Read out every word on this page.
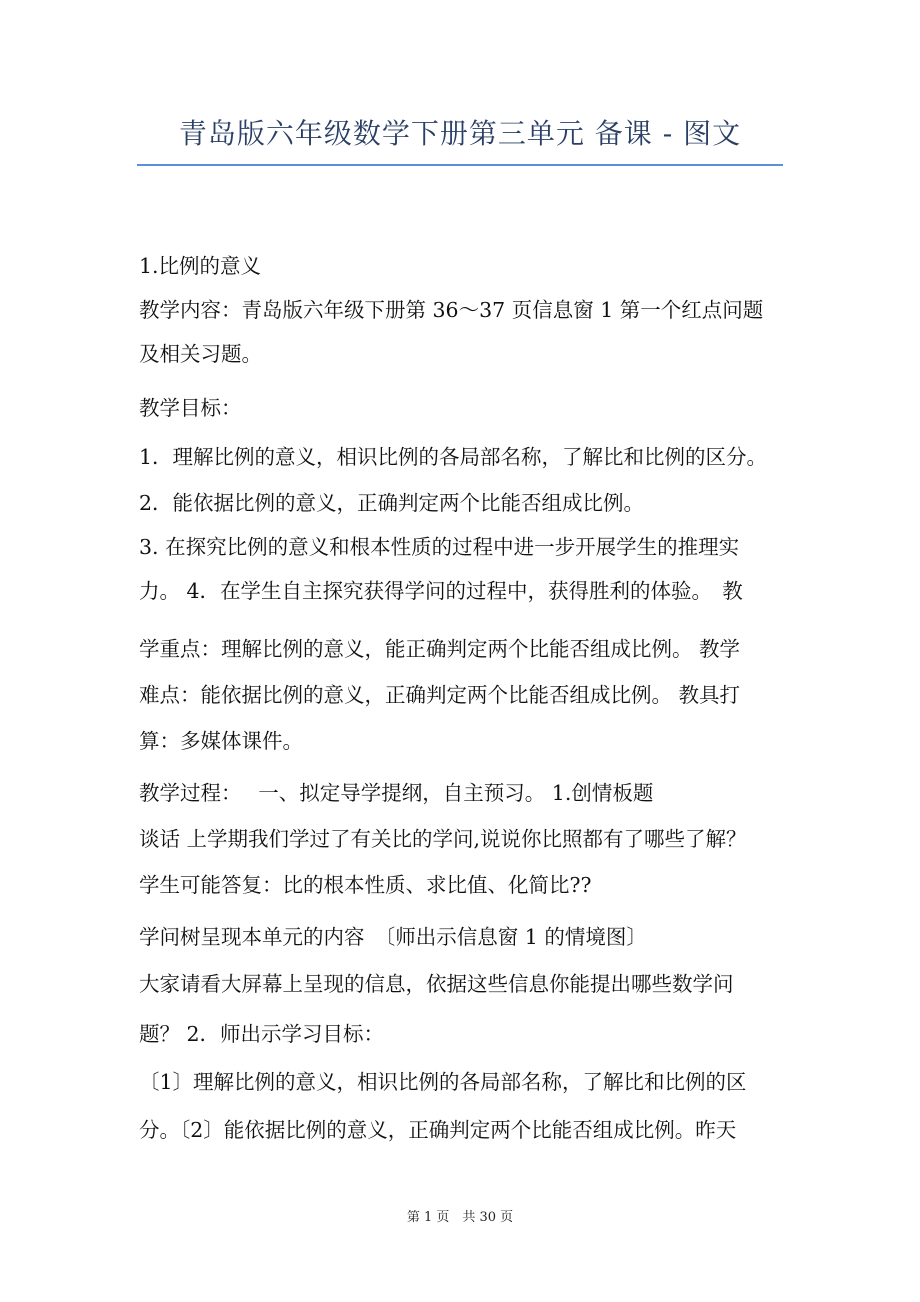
青岛版六年级数学下册第三单元 备课 - 图文
1.比例的意义
教学内容：青岛版六年级下册第 36～37 页信息窗 1 第一个红点问题
及相关习题。
教学目标：
1．理解比例的意义，相识比例的各局部名称，了解比和比例的区分。
2．能依据比例的意义，正确判定两个比能否组成比例。
3. 在探究比例的意义和根本性质的过程中进一步开展学生的推理实
力。 4．在学生自主探究获得学问的过程中，获得胜利的体验。　教
学重点：理解比例的意义，能正确判定两个比能否组成比例。 教学
难点：能依据比例的意义，正确判定两个比能否组成比例。 教具打
算：多媒体课件。
教学过程：　 一、拟定导学提纲，自主预习。 1.创情板题
谈话 上学期我们学过了有关比的学问,说说你比照都有了哪些了解？
学生可能答复：比的根本性质、求比值、化简比??
学问树呈现本单元的内容　〔师出示信息窗 1 的情境图〕
大家请看大屏幕上呈现的信息，依据这些信息你能提出哪些数学问
题？ 2．师出示学习目标：
〔1〕理解比例的意义，相识比例的各局部名称，了解比和比例的区
分。〔2〕能依据比例的意义，正确判定两个比能否组成比例。昨天
第 1 页　共 30 页
